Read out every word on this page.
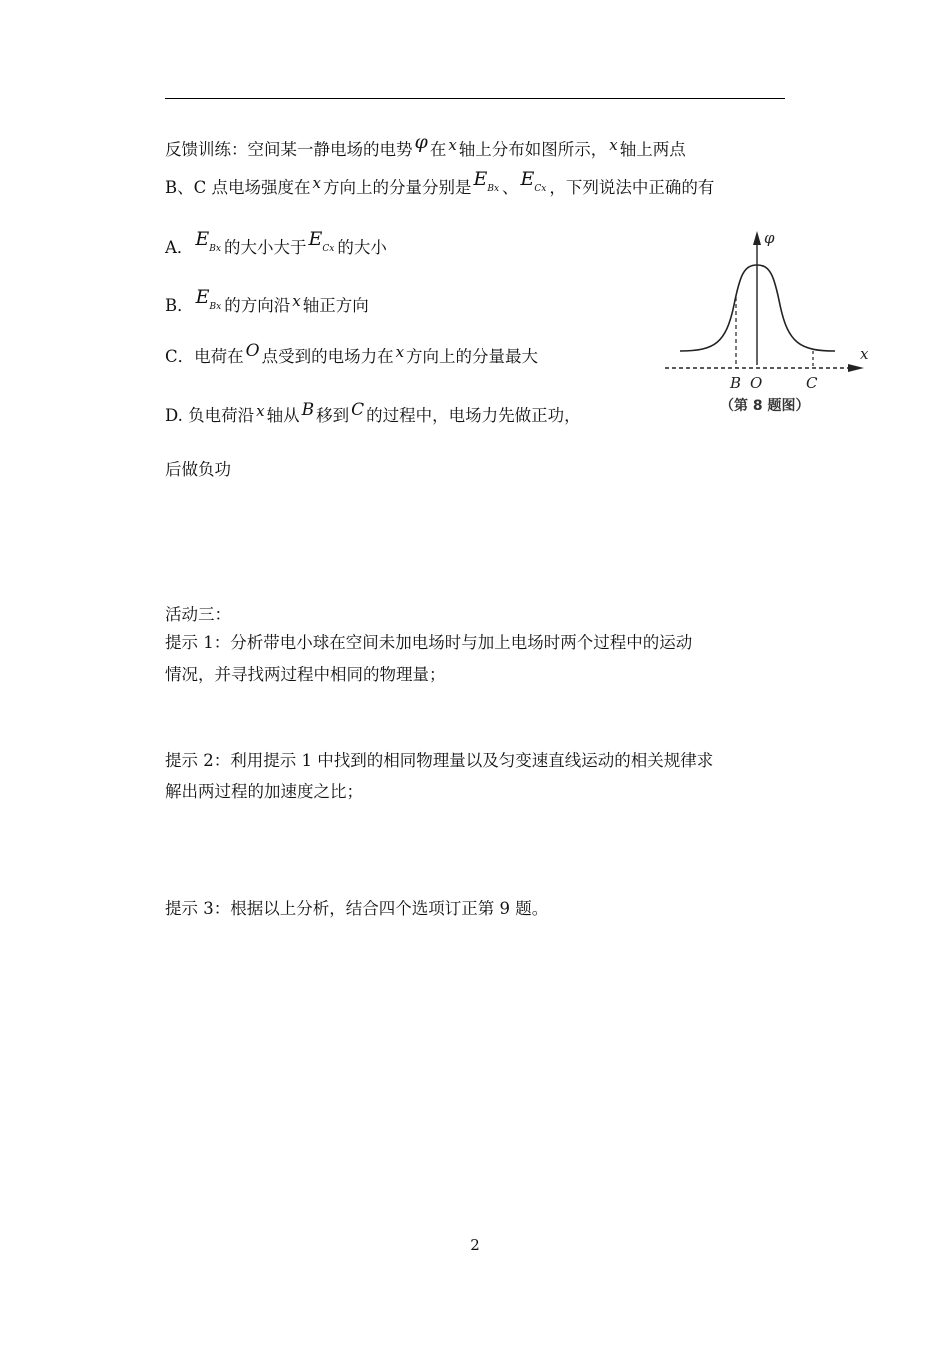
反馈训练：空间某一静电场的电势 φ 在 x 轴上分布如图所示， x 轴上两点
B、C 点电场强度在 x 方向上的分量分别是 EBx 、 ECx ，下列说法中正确的有
A． EBx 的大小大于 ECx 的大小
B． EBx 的方向沿 x 轴正方向
C．电荷在 O 点受到的电场力在 x 方向上的分量最大
D. 负电荷沿 x 轴从 B 移到 C 的过程中，电场力先做正功，
后做负功
φ
x
B O	C
（第 8 题图）
活动三：
提示 1：分析带电小球在空间未加电场时与加上电场时两个过程中的运动
情况，并寻找两过程中相同的物理量；
提示 2：利用提示 1 中找到的相同物理量以及匀变速直线运动的相关规律求
解出两过程的加速度之比；
提示 3：根据以上分析，结合四个选项订正第 9 题。
2
